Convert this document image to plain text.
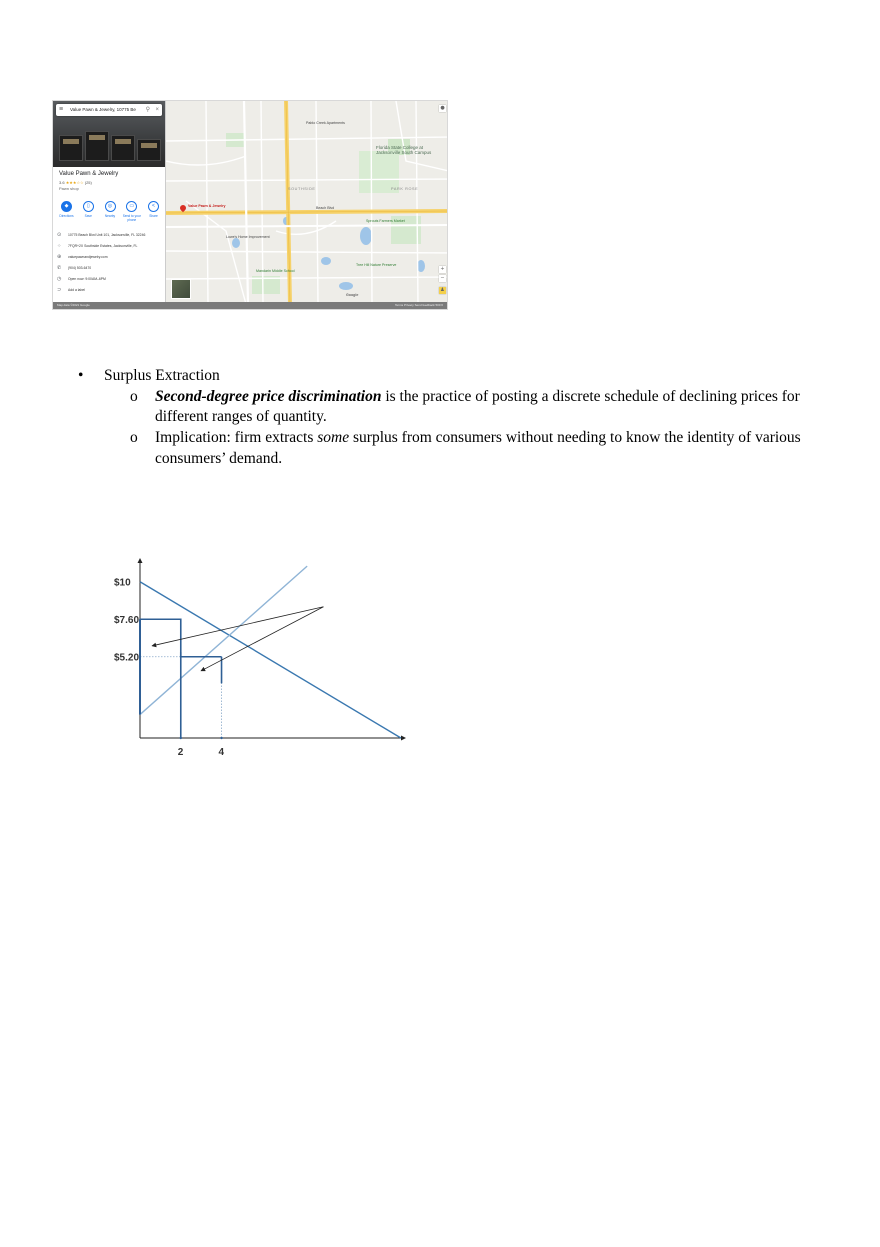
≡ Value Pawn & Jewelry, 10775 Be ⚲ ×
Value Pawn & Jewelry
3.6 ★★★☆☆ (25)
Pawn shop
◆
Directions
▯
Save
◎
Nearby
▭
Send to your phone
<
Share
⊙	10775 Beach Blvd Unit 101, Jacksonville, FL 32246
⁘	7FQR+2X Southside Estates, Jacksonville, FL
⊕	valuepawnandjewelry.com
✆	(904) 503-6470
◷	Open now: 9:00AM–6PM
⊃	Add a label
Value Pawn & Jewelry
Florida State College at Jacksonville South Campus
SOUTHSIDE	PARK ROSE
Beach Blvd
Pablo Creek Apartments
Sprouts Farmers Market
Lowe's Home Improvement
Mandarin Middle School
Tree Hill Nature Preserve
Google
●
+
−
♟
Map data ©2021 Google	Terms Privacy Send feedback 500 ft
• Surplus Extraction
o Second-degree price discrimination is the practice of posting a discrete schedule of declining prices for different ranges of quantity.
o Implication: firm extracts some surplus from consumers without needing to know the identity of various consumers’ demand.
$10
$7.60
$5.20
2	4
